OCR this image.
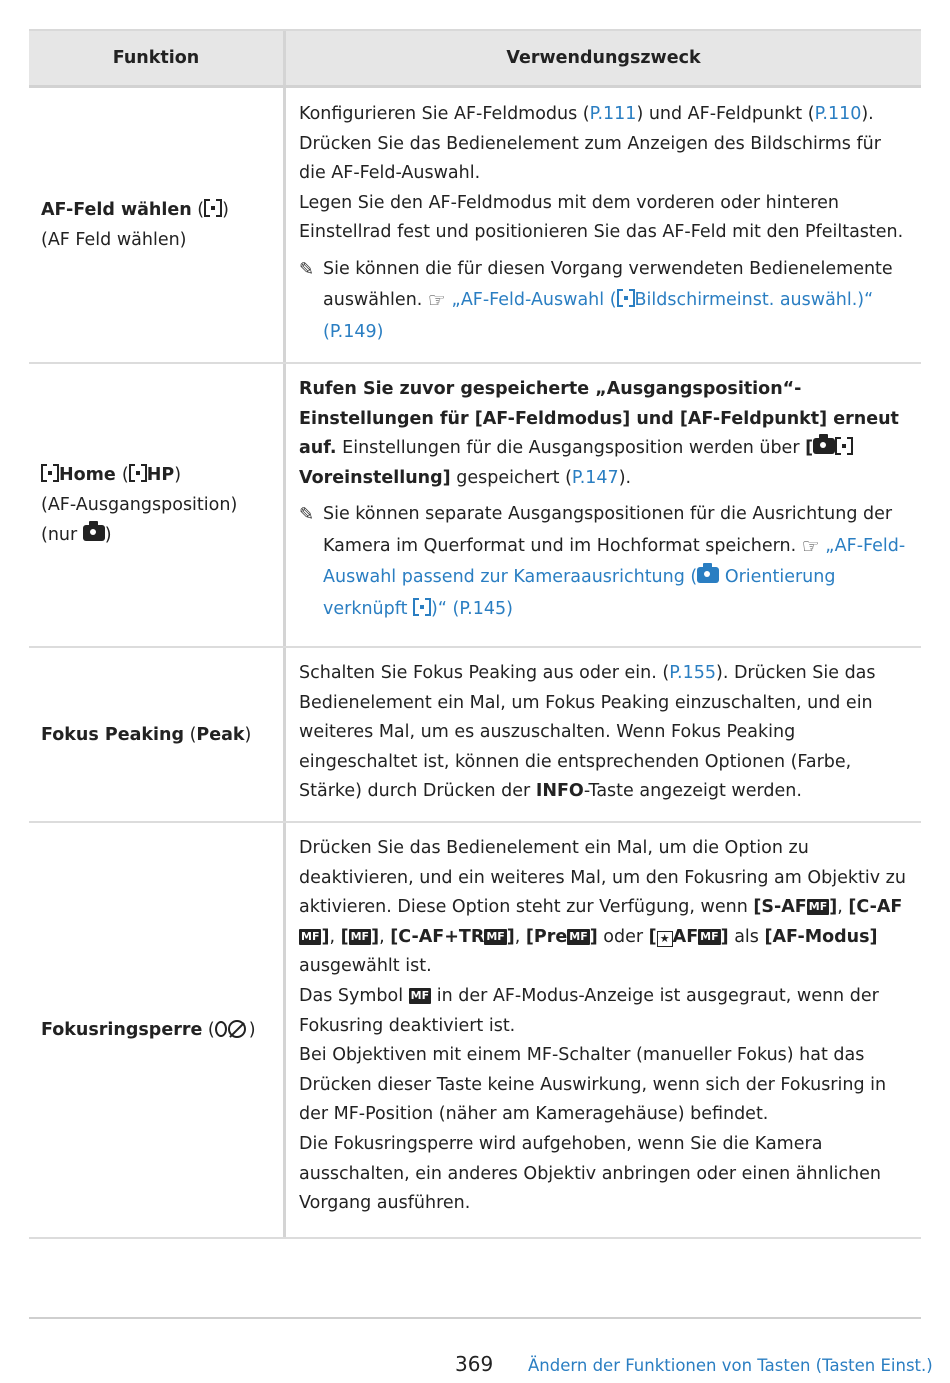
Funktion	Verwendungszweck
AF-Feld wählen ( )
(AF Feld wählen)
Konfigurieren Sie AF-Feldmodus (P.111) und AF-Feldpunkt (P.110).
Drücken Sie das Bedienelement zum Anzeigen des Bildschirms für die AF-Feld-Auswahl.
Legen Sie den AF-Feldmodus mit dem vorderen oder hinteren Einstellrad fest und positionieren Sie das AF-Feld mit den Pfeiltasten.
✎ Sie können die für diesen Vorgang verwendeten Bedienelemente auswählen. ☞ „AF-Feld-Auswahl ( Bildschirmeinst. auswähl.)“ (P.149)
Home ( HP)
(AF-Ausgangsposition)
(nur )
Rufen Sie zuvor gespeicherte „Ausgangsposition“-Einstellungen für [AF-Feldmodus] und [AF-Feldpunkt] erneut auf. Einstellungen für die Ausgangsposition werden über [ Voreinstellung] gespeichert (P.147).
✎ Sie können separate Ausgangspositionen für die Ausrichtung der Kamera im Querformat und im Hochformat speichern. ☞ „AF-Feld-Auswahl passend zur Kameraausrichtung ( Orientierung verknüpft )“ (P.145)
Fokus Peaking (Peak)
Schalten Sie Fokus Peaking aus oder ein. (P.155). Drücken Sie das Bedienelement ein Mal, um Fokus Peaking einzuschalten, und ein weiteres Mal, um es auszuschalten. Wenn Fokus Peaking eingeschaltet ist, können die entsprechenden Optionen (Farbe, Stärke) durch Drücken der INFO-Taste angezeigt werden.
Fokusringsperre ( )
Drücken Sie das Bedienelement ein Mal, um die Option zu deaktivieren, und ein weiteres Mal, um den Fokusring am Objektiv zu aktivieren. Diese Option steht zur Verfügung, wenn [S-AF MF ], [C-AFMF ], [ MF ], [C-AF+TR MF ], [Pre MF ] oder [ ★ AF MF ] als [AF-Modus] ausgewählt ist.
Das Symbol MF in der AF-Modus-Anzeige ist ausgegraut, wenn der Fokusring deaktiviert ist.
Bei Objektiven mit einem MF-Schalter (manueller Fokus) hat das Drücken dieser Taste keine Auswirkung, wenn sich der Fokusring in der MF-Position (näher am Kameragehäuse) befindet.
Die Fokusringsperre wird aufgehoben, wenn Sie die Kamera ausschalten, ein anderes Objektiv anbringen oder einen ähnlichen Vorgang ausführen.
369 Ändern der Funktionen von Tasten (Tasten Einst.)
